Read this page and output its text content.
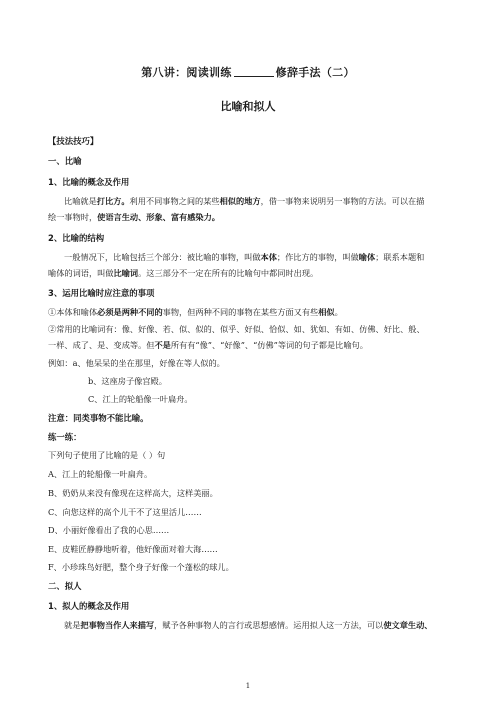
第八讲：阅读训练	修辞手法（二）
比喻和拟人
【技法技巧】
一、比喻
1、比喻的概念及作用
比喻就是打比方。利用不同事物之间的某些相似的地方，借一事物来说明另一事物的方法。可以在描
绘一事物时，使语言生动、形象、富有感染力。
2、比喻的结构
一般情况下，比喻包括三个部分：被比喻的事物，叫做本体；作比方的事物，叫做喻体；联系本题和
喻体的词语，叫做比喻词。这三部分不一定在所有的比喻句中都同时出现。
3、运用比喻时应注意的事项
①本体和喻体必须是两种不同的事物，但两种不同的事物在某些方面又有些相似。
②常用的比喻词有：像、好像、若、似、似的、似乎、好似、恰似、如、犹如、有如、仿佛、好比、般、
一样、成了、是、变成等。但不是所有有“像”、“好像”、“仿佛”等词的句子都是比喻句。
例如：a、他呆呆的坐在那里，好像在等人似的。
b、这座房子像宫殿。
C、江上的轮船像一叶扁舟。
注意：同类事物不能比喻。
练一练：
下列句子使用了比喻的是（ ）句
A、江上的轮船像一叶扁舟。
B、奶奶从来没有像现在这样高大，这样美丽。
C、向您这样的高个儿干不了这里活儿……
D、小丽好像看出了我的心思……
E、皮鞋匠静静地听着，他好像面对着大海……
F、小珍珠鸟好肥，整个身子好像一个蓬松的球儿。
二、拟人
1、拟人的概念及作用
就是把事物当作人来描写，赋予各种事物人的言行或思想感情。运用拟人这一方法，可以使文章生动、
1
